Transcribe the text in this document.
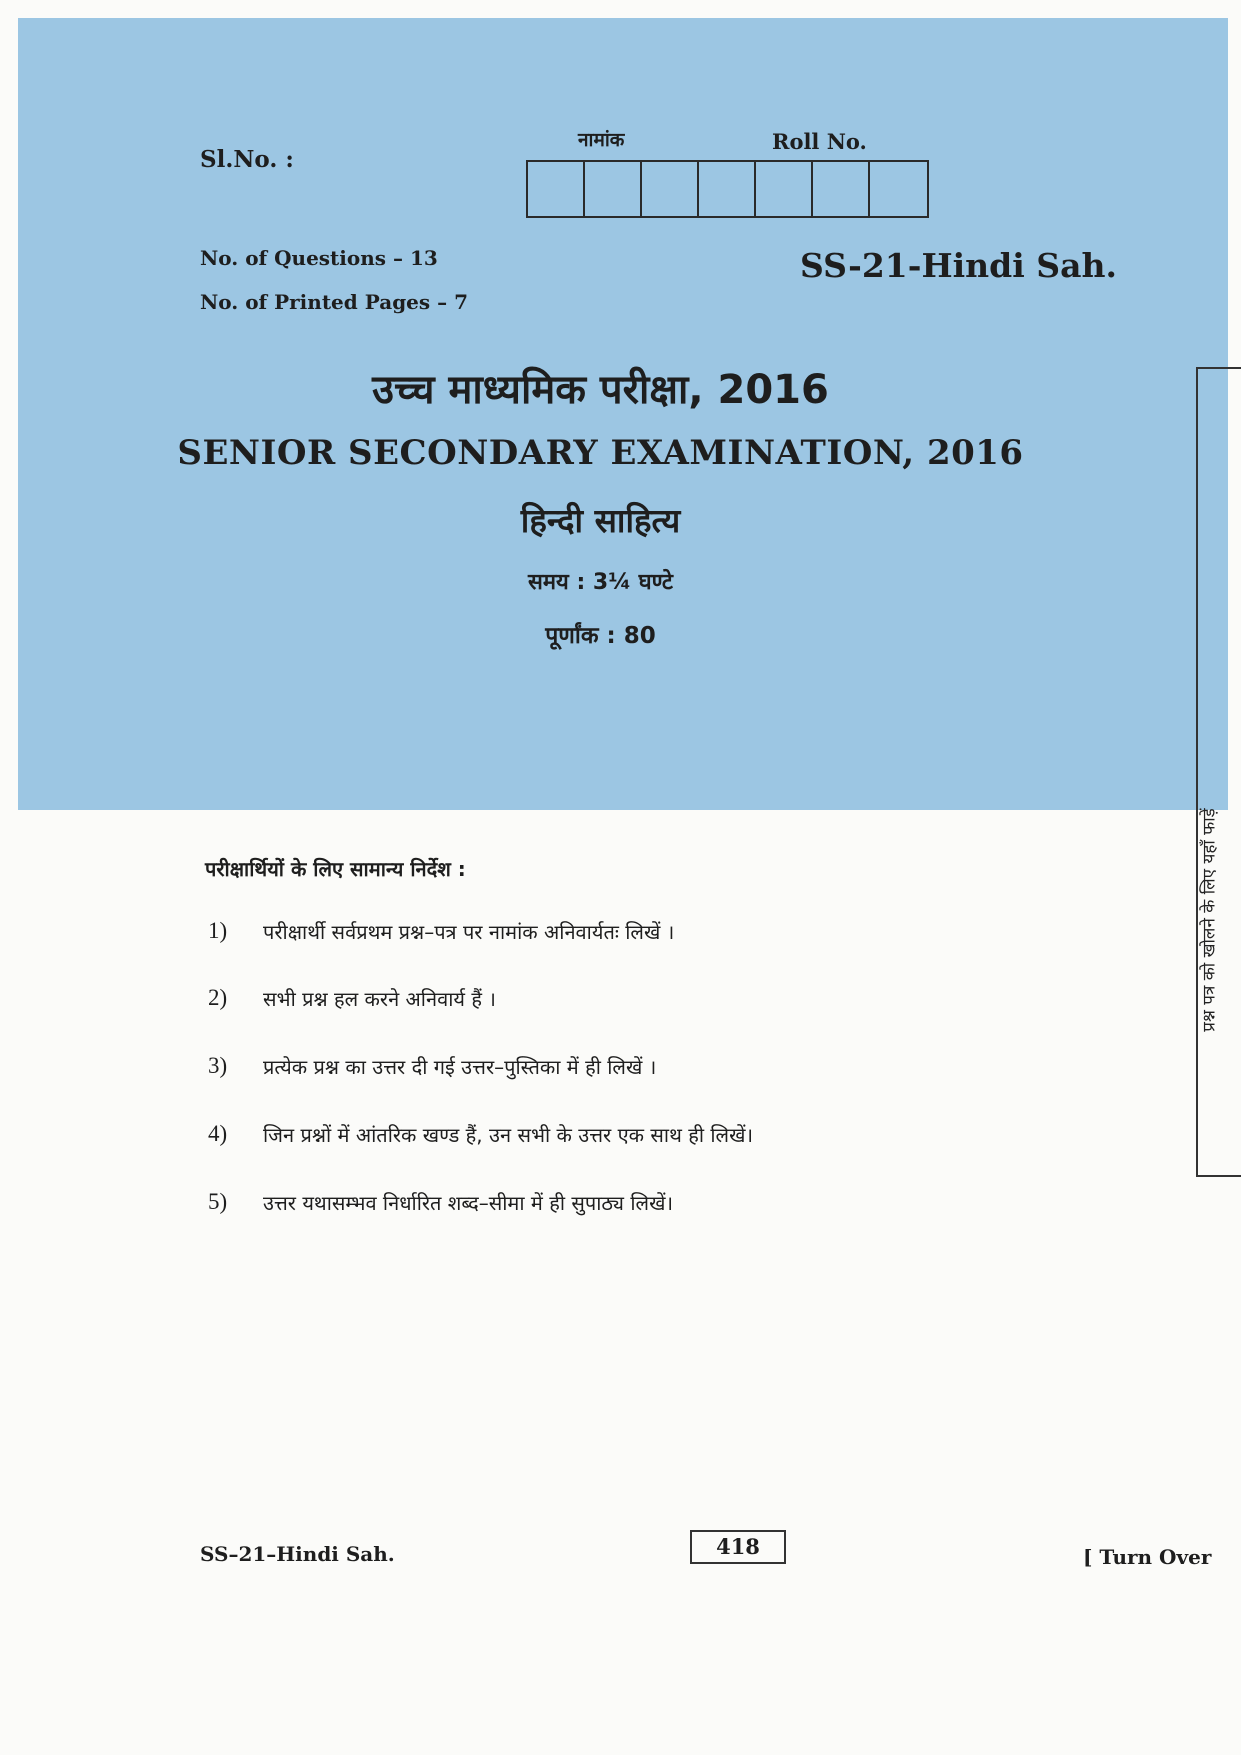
Sl.No. :
नामांक	Roll No.
No. of Questions – 13
No. of Printed Pages – 7
SS-21-Hindi Sah.
उच्च माध्यमिक परीक्षा, 2016
SENIOR SECONDARY EXAMINATION, 2016
हिन्दी साहित्य
समय : 3¼ घण्टे
पूर्णांक : 80
प्रश्न पत्र को खोलने के लिए यहाँ फाड़ें
परीक्षार्थियों के लिए सामान्य निर्देश :
1)	परीक्षार्थी सर्वप्रथम प्रश्न–पत्र पर नामांक अनिवार्यतः लिखें ।
2)	सभी प्रश्न हल करने अनिवार्य हैं ।
3)	प्रत्येक प्रश्न का उत्तर दी गई उत्तर–पुस्तिका में ही लिखें ।
4)	जिन प्रश्नों में आंतरिक खण्ड हैं, उन सभी के उत्तर एक साथ ही लिखें।
5)	उत्तर यथासम्भव निर्धारित शब्द–सीमा में ही सुपाठ्य लिखें।
SS–21–Hindi Sah.	418	[ Turn Over
